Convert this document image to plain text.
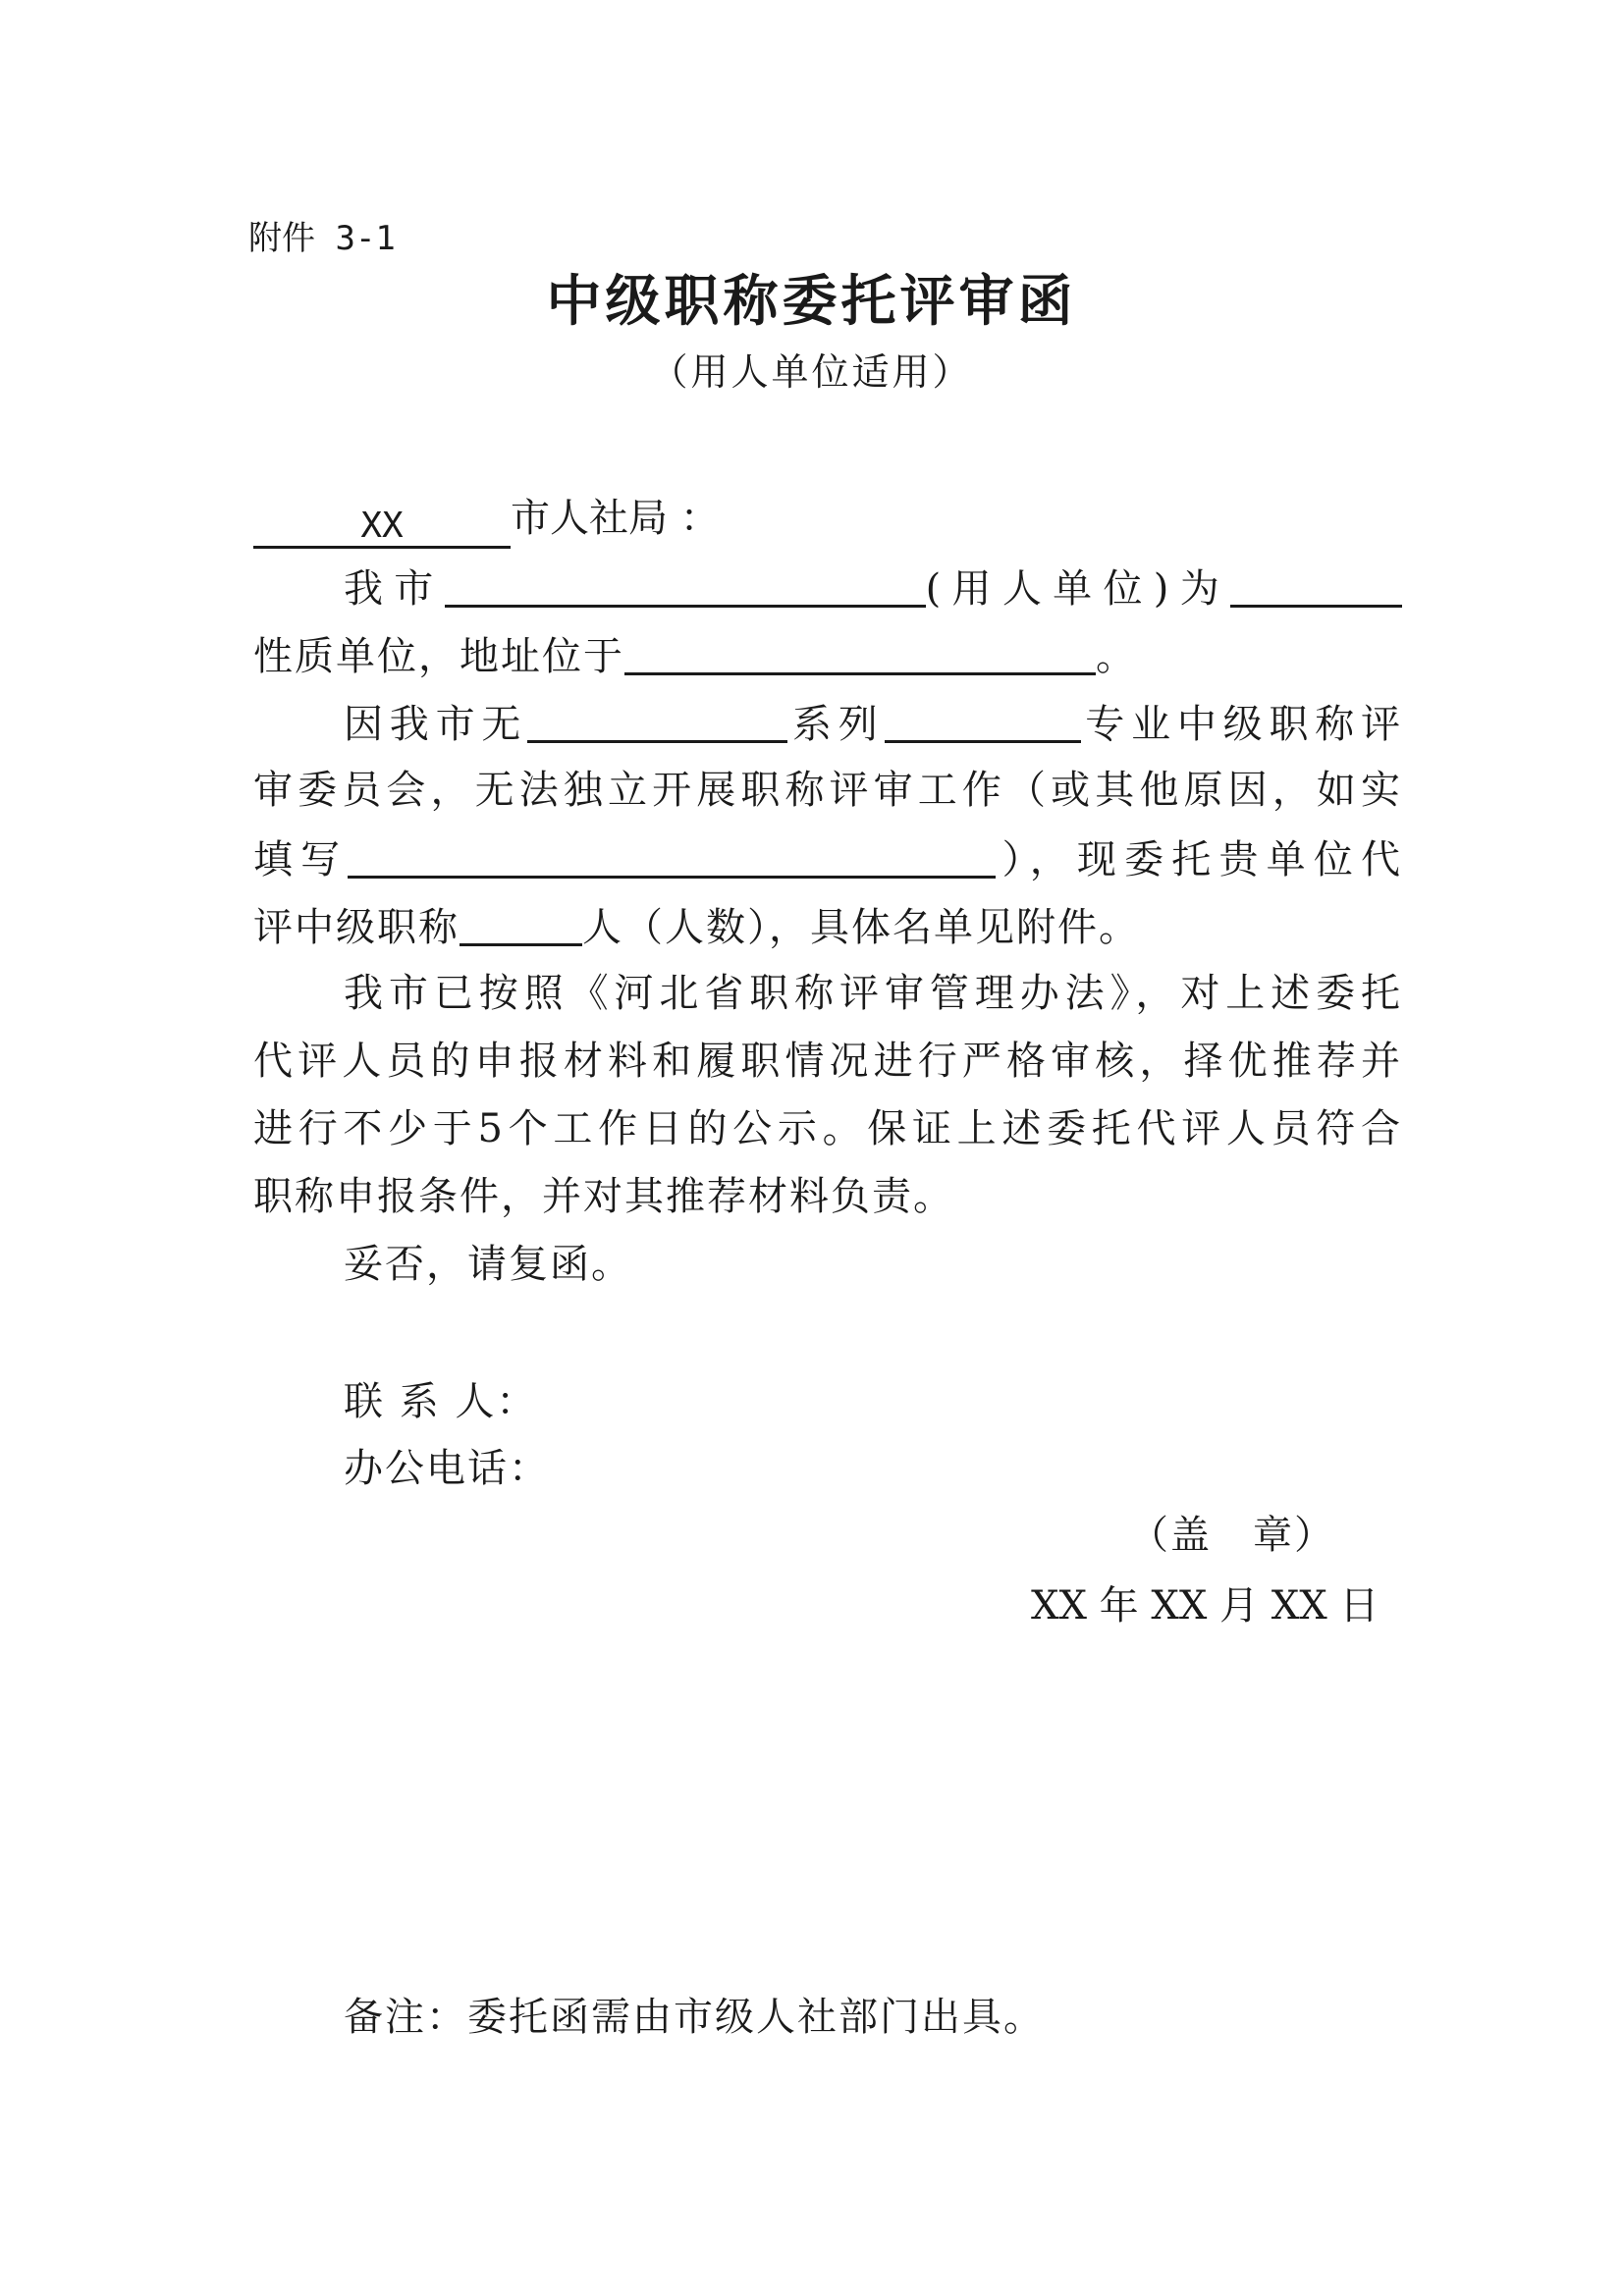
附件 3-1
中级职称委托评审函
（用人单位适用）
XX	市人社局 ：
我市	(用人单位)为
性质单位，地址位于	。
因我市无	系列	专业中级职称评
审委员会，无法独立开展职称评审工作（或其他原因，如实
填写	），现委托贵单位代
评中级职称	人（人数），具体名单见附件。
我市已按照《河北省职称评审管理办法》，对上述委托
代评人员的申报材料和履职情况进行严格审核，择优推荐并
进行不少于5个工作日的公示。保证上述委托代评人员符合
职称申报条件，并对其推荐材料负责。
妥否，请复函。
联 系 人：
办公电话：
（盖　章）
XX 年 XX 月 XX 日
备注：委托函需由市级人社部门出具。
